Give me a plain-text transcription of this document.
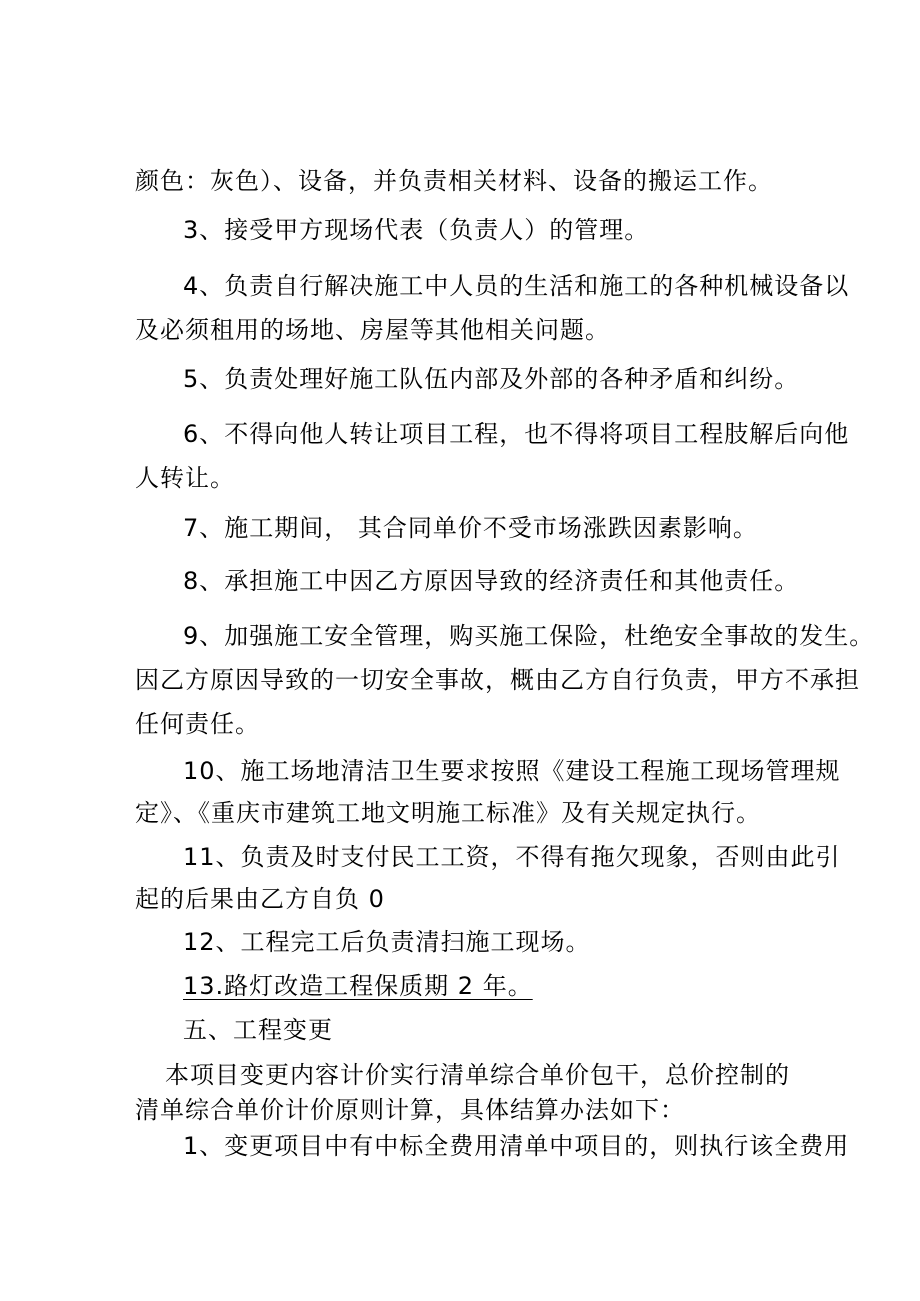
颜色：灰色）、设备，并负责相关材料、设备的搬运工作。
3、接受甲方现场代表（负责人）的管理。
4、负责自行解决施工中人员的生活和施工的各种机械设备以
及必须租用的场地、房屋等其他相关问题。
5、负责处理好施工队伍内部及外部的各种矛盾和纠纷。
6、不得向他人转让项目工程，也不得将项目工程肢解后向他
人转让。
7、施工期间， 其合同单价不受市场涨跌因素影响。
8、承担施工中因乙方原因导致的经济责任和其他责任。
9、加强施工安全管理，购买施工保险，杜绝安全事故的发生。
因乙方原因导致的一切安全事故，概由乙方自行负责，甲方不承担
任何责任。
10、施工场地清洁卫生要求按照《建设工程施工现场管理规
定》、《重庆市建筑工地文明施工标准》及有关规定执行。
11、负责及时支付民工工资，不得有拖欠现象，否则由此引
起的后果由乙方自负 0
12、工程完工后负责清扫施工现场。
13.路灯改造工程保质期 2 年。
五、工程变更
本项目变更内容计价实行清单综合单价包干，总价控制的
清单综合单价计价原则计算，具体结算办法如下：
1、变更项目中有中标全费用清单中项目的，则执行该全费用
